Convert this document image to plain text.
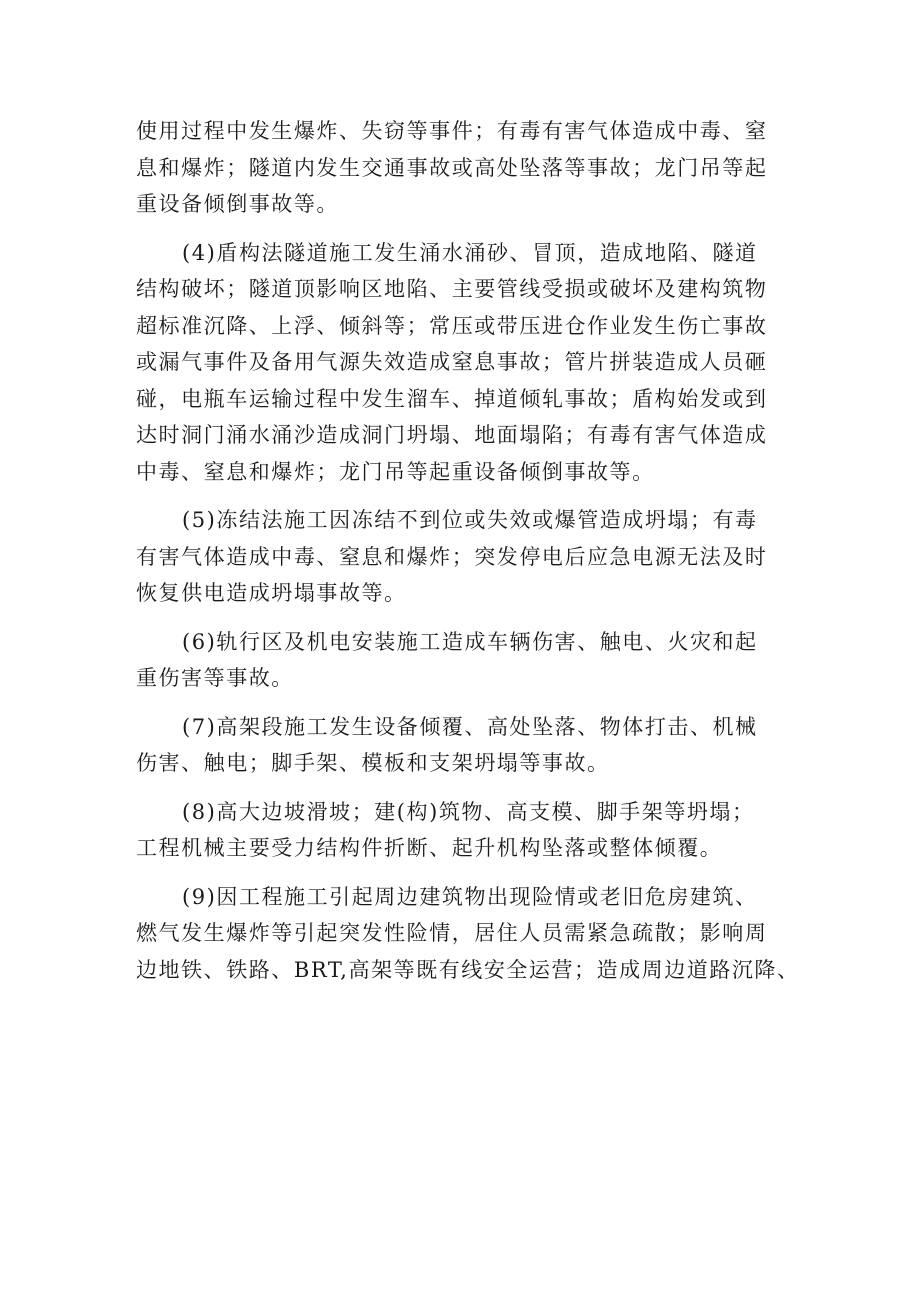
使用过程中发生爆炸、失窃等事件；有毒有害气体造成中毒、窒
息和爆炸；隧道内发生交通事故或高处坠落等事故；龙门吊等起
重设备倾倒事故等。
(4)盾构法隧道施工发生涌水涌砂、冒顶，造成地陷、隧道
结构破坏；隧道顶影响区地陷、主要管线受损或破坏及建构筑物
超标准沉降、上浮、倾斜等；常压或带压进仓作业发生伤亡事故
或漏气事件及备用气源失效造成窒息事故；管片拼装造成人员砸
碰，电瓶车运输过程中发生溜车、掉道倾轧事故；盾构始发或到
达时洞门涌水涌沙造成洞门坍塌、地面塌陷；有毒有害气体造成
中毒、窒息和爆炸；龙门吊等起重设备倾倒事故等。
(5)冻结法施工因冻结不到位或失效或爆管造成坍塌；有毒
有害气体造成中毒、窒息和爆炸；突发停电后应急电源无法及时
恢复供电造成坍塌事故等。
(6)轨行区及机电安装施工造成车辆伤害、触电、火灾和起
重伤害等事故。
(7)高架段施工发生设备倾覆、高处坠落、物体打击、机械
伤害、触电；脚手架、模板和支架坍塌等事故。
(8)高大边坡滑坡；建(构)筑物、高支模、脚手架等坍塌；
工程机械主要受力结构件折断、起升机构坠落或整体倾覆。
(9)因工程施工引起周边建筑物出现险情或老旧危房建筑、
燃气发生爆炸等引起突发性险情，居住人员需紧急疏散；影响周
边地铁、铁路、BRT,高架等既有线安全运营；造成周边道路沉降、
